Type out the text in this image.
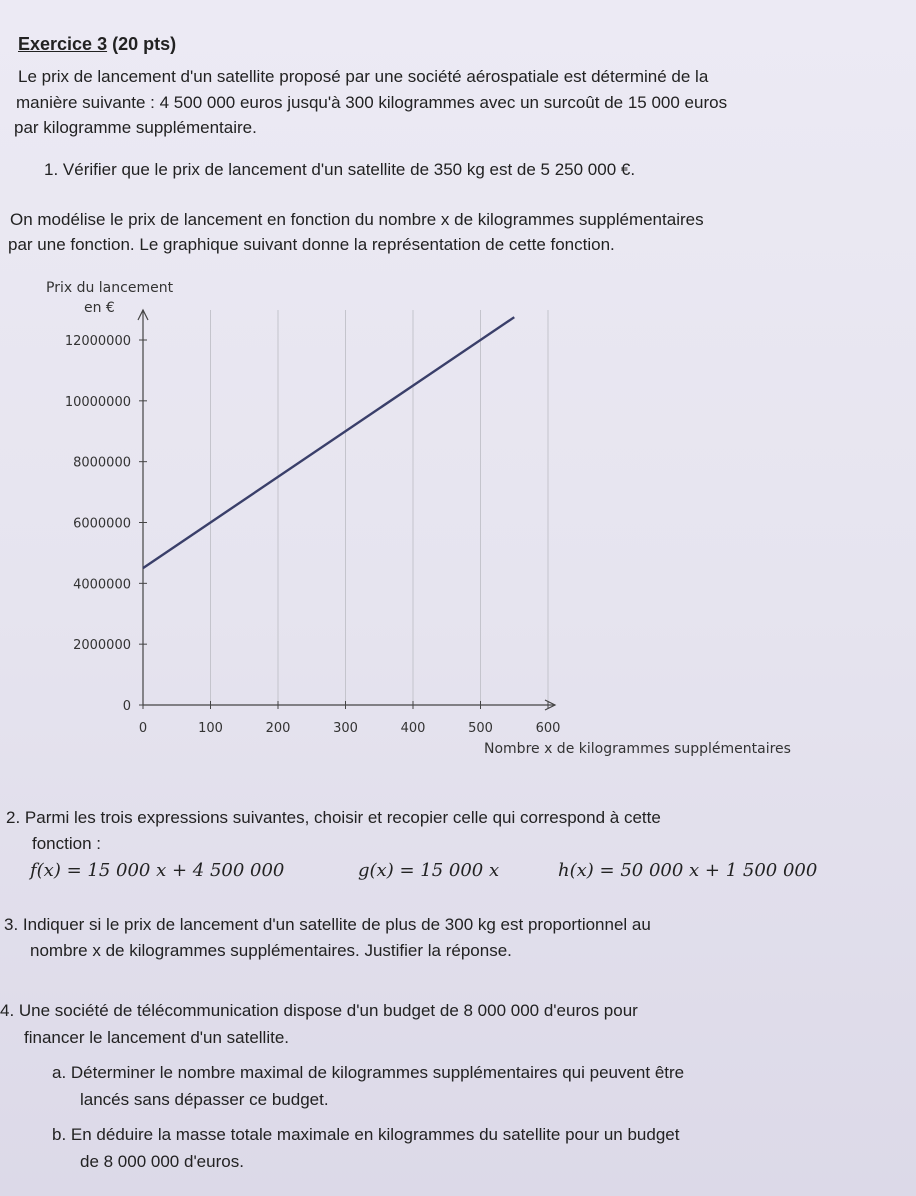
Exercice 3 (20 pts)
Le prix de lancement d'un satellite proposé par une société aérospatiale est déterminé de la
manière suivante : 4 500 000 euros jusqu'à 300 kilogrammes avec un surcoût de 15 000 euros
par kilogramme supplémentaire.
1. Vérifier que le prix de lancement d'un satellite de 350 kg est de 5 250 000 €.
On modélise le prix de lancement en fonction du nombre x de kilogrammes supplémentaires
par une fonction. Le graphique suivant donne la représentation de cette fonction.
0
2000000
4000000
6000000
8000000
10000000
12000000
0	100	200	300	400	500	600
Prix du lancement
en €
Nombre x de kilogrammes supplémentaires
2. Parmi les trois expressions suivantes, choisir et recopier celle qui correspond à cette
fonction :
f(x) = 15 000 x + 4 500 000	g(x) = 15 000 x	h(x) = 50 000 x + 1 500 000
3. Indiquer si le prix de lancement d'un satellite de plus de 300 kg est proportionnel au
nombre x de kilogrammes supplémentaires. Justifier la réponse.
4. Une société de télécommunication dispose d'un budget de 8 000 000 d'euros pour
financer le lancement d'un satellite.
a. Déterminer le nombre maximal de kilogrammes supplémentaires qui peuvent être
lancés sans dépasser ce budget.
b. En déduire la masse totale maximale en kilogrammes du satellite pour un budget
de 8 000 000 d'euros.
